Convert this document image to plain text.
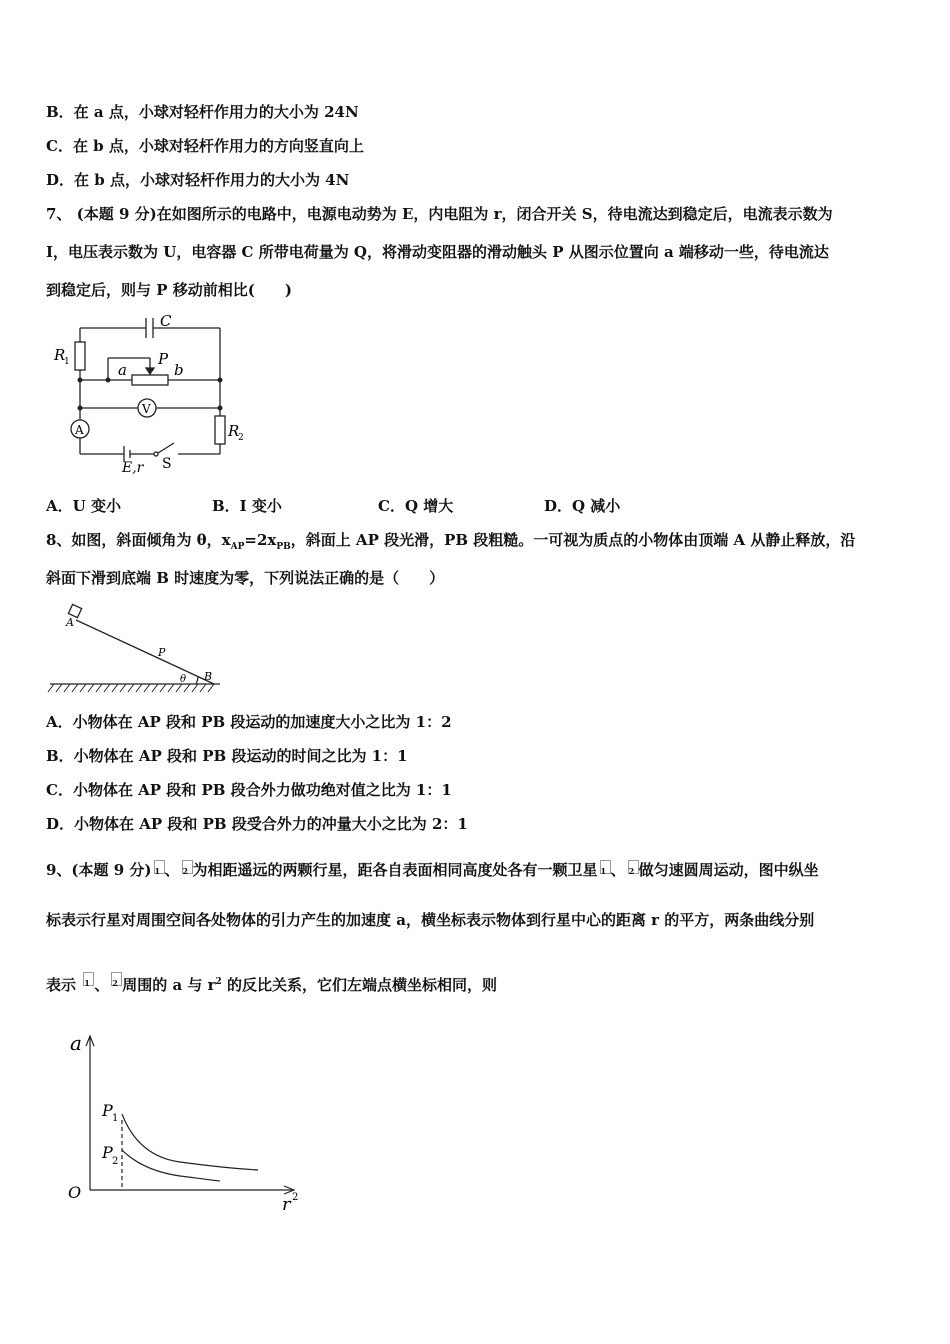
B．在 a 点，小球对轻杆作用力的大小为 24N
C．在 b 点，小球对轻杆作用力的方向竖直向上
D．在 b 点，小球对轻杆作用力的大小为 4N
7、 (本题 9 分)在如图所示的电路中，电源电动势为 E，内电阻为 r，闭合开关 S，待电流达到稳定后，电流表示数为
I，电压表示数为 U，电容器 C 所带电荷量为 Q，将滑动变阻器的滑动触头 P 从图示位置向 a 端移动一些，待电流达
到稳定后，则与 P 移动前相比(　　)
C
R
1	P
a	b
V
A	R
2
E,r S
A．U 变小	B．I 变小	C．Q 增大	D．Q 减小
8、如图，斜面倾角为 θ，$x_{AP}=2x_{PB}$，斜面上 AP 段光滑，PB 段粗糙。一可视为质点的小物体由顶端 A 从静止释放，沿
斜面下滑到底端 B 时速度为零，下列说法正确的是（　　）
A
P
B
θ
A．小物体在 AP 段和 PB 段运动的加速度大小之比为 1：2
B．小物体在 AP 段和 PB 段运动的时间之比为 1：1
C．小物体在 AP 段和 PB 段合外力做功绝对值之比为 1：1
D．小物体在 AP 段和 PB 段受合外力的冲量大小之比为 2：1
9、(本题 9 分) 1 、 2 为相距遥远的两颗行星，距各自表面相同高度处各有一颗卫星 1 、 2 做匀速圆周运动，图中纵坐
标表示行星对周围空间各处物体的引力产生的加速度 a，横坐标表示物体到行星中心的距离 r 的平方，两条曲线分别
表示 1 、 2 周围的 a 与 $r^2$ 的反比关系，它们左端点横坐标相同，则
a
O
r 2
P 1
P 2
